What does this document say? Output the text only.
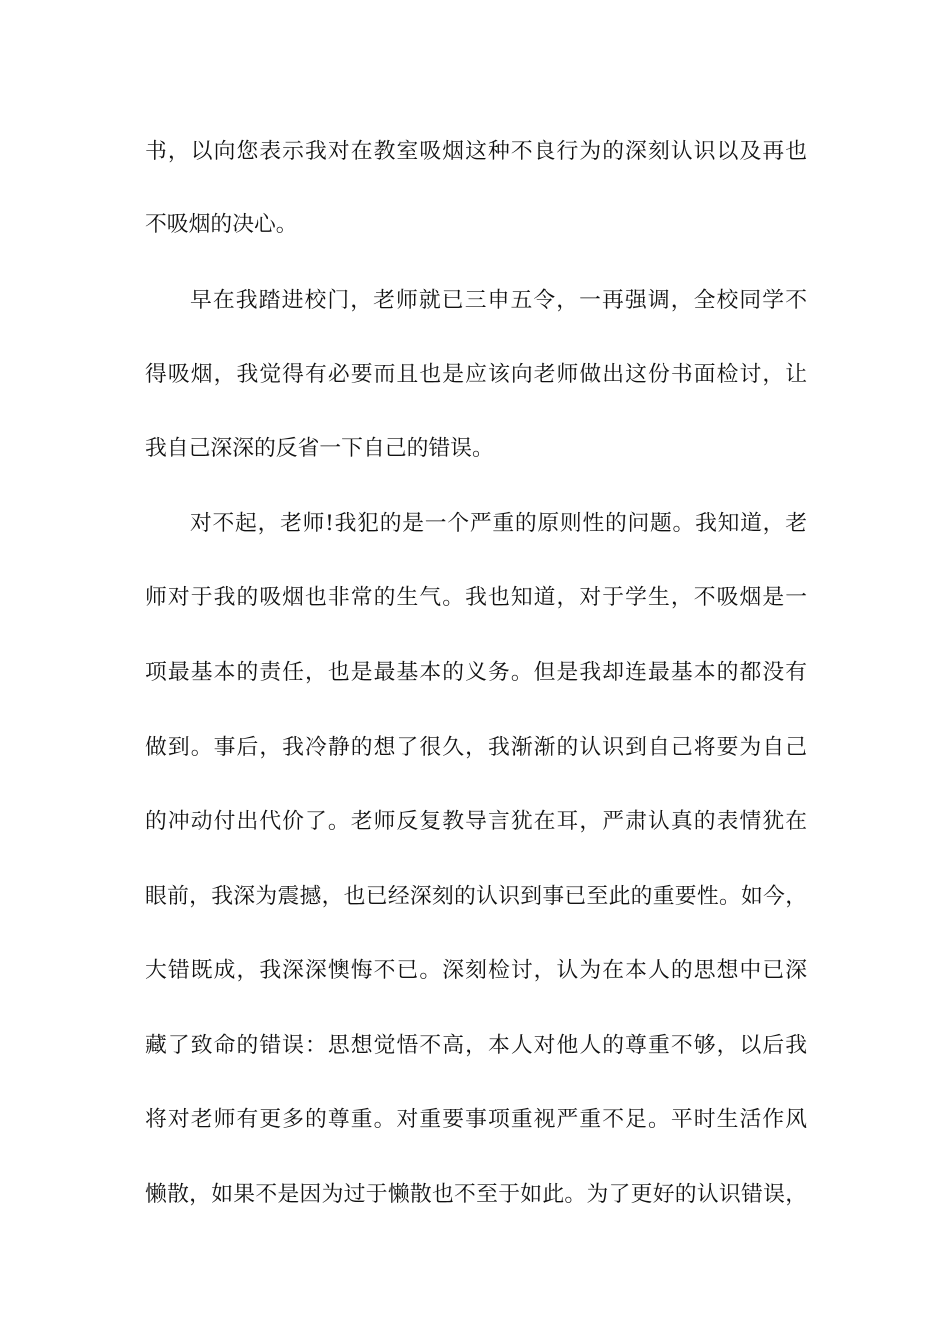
书，以向您表示我对在教室吸烟这种不良行为的深刻认识以及再也
不吸烟的决心。
早在我踏进校门，老师就已三申五令，一再强调，全校同学不
得吸烟，我觉得有必要而且也是应该向老师做出这份书面检讨，让
我自己深深的反省一下自己的错误。
对不起，老师!我犯的是一个严重的原则性的问题。我知道，老
师对于我的吸烟也非常的生气。我也知道，对于学生，不吸烟是一
项最基本的责任，也是最基本的义务。但是我却连最基本的都没有
做到。事后，我冷静的想了很久，我渐渐的认识到自己将要为自己
的冲动付出代价了。老师反复教导言犹在耳，严肃认真的表情犹在
眼前，我深为震撼，也已经深刻的认识到事已至此的重要性。如今，
大错既成，我深深懊悔不已。深刻检讨，认为在本人的思想中已深
藏了致命的错误：思想觉悟不高，本人对他人的尊重不够，以后我
将对老师有更多的尊重。对重要事项重视严重不足。平时生活作风
懒散，如果不是因为过于懒散也不至于如此。为了更好的认识错误，
